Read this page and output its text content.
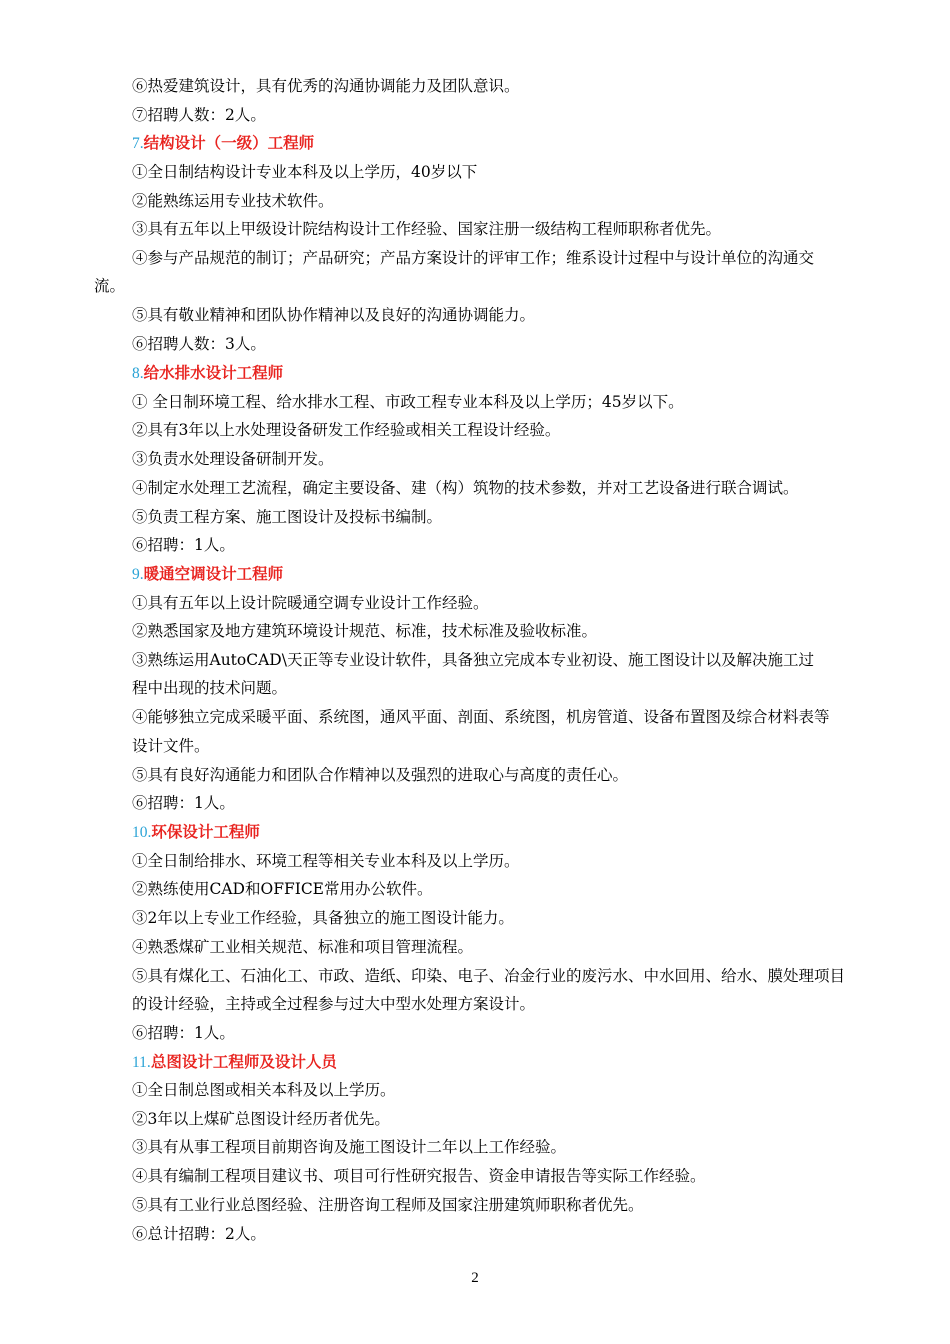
⑥热爱建筑设计，具有优秀的沟通协调能力及团队意识。
⑦招聘人数：2人。
7.结构设计（一级）工程师
①全日制结构设计专业本科及以上学历，40岁以下
②能熟练运用专业技术软件。
③具有五年以上甲级设计院结构设计工作经验、国家注册一级结构工程师职称者优先。
④参与产品规范的制订；产品研究；产品方案设计的评审工作；维系设计过程中与设计单位的沟通交
流。
⑤具有敬业精神和团队协作精神以及良好的沟通协调能力。
⑥招聘人数：3人。
8.给水排水设计工程师
① 全日制环境工程、给水排水工程、市政工程专业本科及以上学历；45岁以下。
②具有3年以上水处理设备研发工作经验或相关工程设计经验。
③负责水处理设备研制开发。
④制定水处理工艺流程，确定主要设备、建（构）筑物的技术参数，并对工艺设备进行联合调试。
⑤负责工程方案、施工图设计及投标书编制。
⑥招聘：1人。
9.暖通空调设计工程师
①具有五年以上设计院暖通空调专业设计工作经验。
②熟悉国家及地方建筑环境设计规范、标准，技术标准及验收标准。
③熟练运用AutoCAD\天正等专业设计软件，具备独立完成本专业初设、施工图设计以及解决施工过
程中出现的技术问题。
④能够独立完成采暖平面、系统图，通风平面、剖面、系统图，机房管道、设备布置图及综合材料表等
设计文件。
⑤具有良好沟通能力和团队合作精神以及强烈的进取心与高度的责任心。
⑥招聘：1人。
10.环保设计工程师
①全日制给排水、环境工程等相关专业本科及以上学历。
②熟练使用CAD和OFFICE常用办公软件。
③2年以上专业工作经验，具备独立的施工图设计能力。
④熟悉煤矿工业相关规范、标准和项目管理流程。
⑤具有煤化工、石油化工、市政、造纸、印染、电子、冶金行业的废污水、中水回用、给水、膜处理项目
的设计经验，主持或全过程参与过大中型水处理方案设计。
⑥招聘：1人。
11.总图设计工程师及设计人员
①全日制总图或相关本科及以上学历。
②3年以上煤矿总图设计经历者优先。
③具有从事工程项目前期咨询及施工图设计二年以上工作经验。
④具有编制工程项目建议书、项目可行性研究报告、资金申请报告等实际工作经验。
⑤具有工业行业总图经验、注册咨询工程师及国家注册建筑师职称者优先。
⑥总计招聘：2人。
2
